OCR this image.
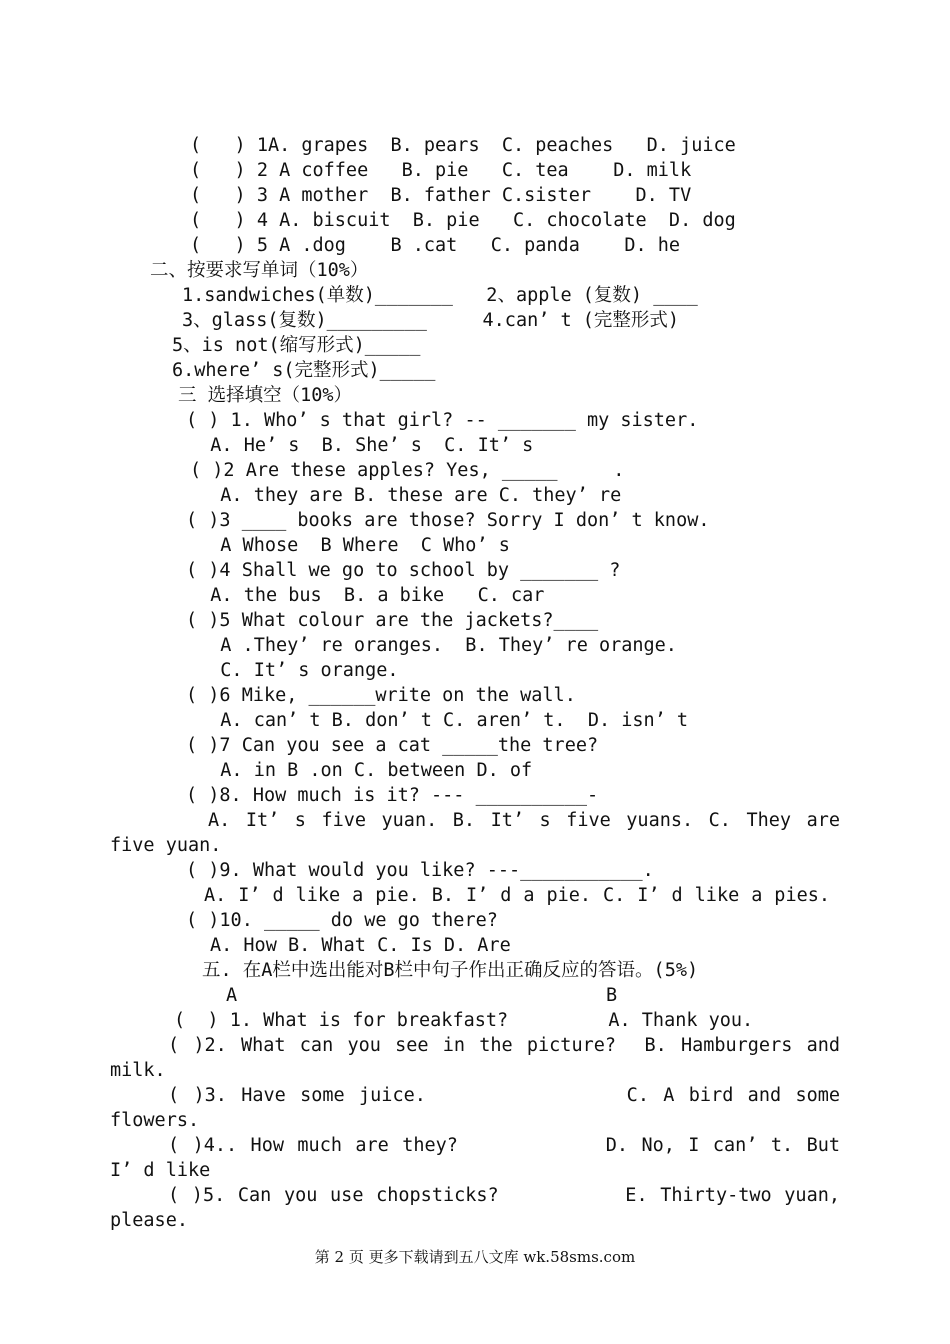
(   ) 1A. grapes  B. pears  C. peaches   D. juice
(   ) 2 A coffee   B. pie   C. tea    D. milk
(   ) 3 A mother  B. father C.sister    D. TV
(   ) 4 A. biscuit  B. pie   C. chocolate  D. dog
(   ) 5 A .dog    B .cat   C. panda    D. he
二、按要求写单词（10%）
1.sandwiches(单数)_______   2、apple (复数) ____
3、glass(复数)_________     4.can’ t (完整形式)
5、is not(缩写形式)_____
6.where’ s(完整形式)_____
三 选择填空（10%）
( ) 1. Who’ s that girl? -- _______ my sister.
A. He’ s  B. She’ s  C. It’ s
( )2 Are these apples? Yes, _____     .
A. they are B. these are C. they’ re
( )3 ____ books are those? Sorry I don’ t know.
A Whose  B Where  C Who’ s
( )4 Shall we go to school by _______ ?
A. the bus  B. a bike   C. car
( )5 What colour are the jackets?____
A .They’ re oranges.  B. They’ re orange.
C. It’ s orange.
( )6 Mike, ______write on the wall.
A. can’ t B. don’ t C. aren’ t.  D. isn’ t
( )7 Can you see a cat _____the tree?
A. in B .on C. between D. of
( )8. How much is it? --- __________-
A. It’ s five yuan. B. It’ s five yuans. C. They are
five yuan.
( )9. What would you like? ---___________.
A. I’ d like a pie. B. I’ d a pie. C. I’ d like a pies.
( )10. _____ do we go there?
A. How B. What C. Is D. Are
五. 在A栏中选出能对B栏中句子作出正确反应的答语。(5%)
A	B
(  ) 1. What is for breakfast?         A. Thank you.
( )2. What can you see in the picture?  B. Hamburgers and
milk.
( )3. Have some juice.              C. A bird and some
flowers.
( )4.. How much are they?           D. No, I can’ t. But
I’ d like
( )5. Can you use chopsticks?          E. Thirty-two yuan,
please.
第 2 页 更多下载请到五八文库 wk.58sms.com
